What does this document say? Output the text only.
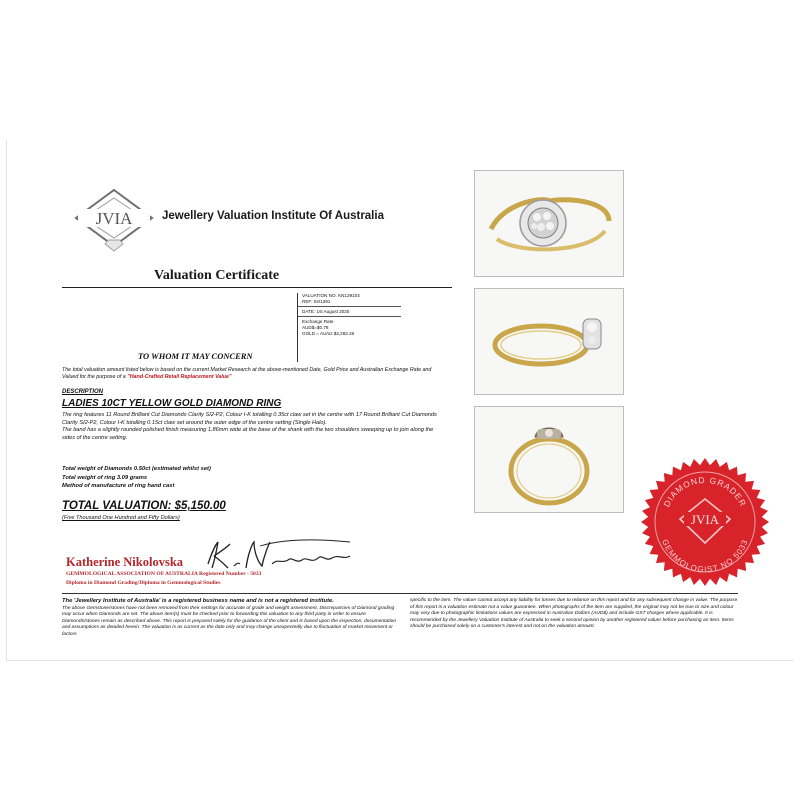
JVIA	Jewellery Valuation Institute Of Australia
Valuation Certificate
VALUATION NO. KN139104
REF: 04/1391
DATE: 1st August 2025
Exchange Rate
AUD$=$0.78
GOLD = AU/oz $2,282.26
TO WHOM IT MAY CONCERN
The total valuation amount listed below is based on the current Market Research at the above-mentioned Date, Gold Price and Australian Exchange Rate and Valued for the purpose of a "Hand-Crafted Retail Replacement Value"
DESCRIPTION
LADIES 10CT YELLOW GOLD DIAMOND RING

The ring features 11 Round Brilliant Cut Diamonds Clarity SI2-P2, Colour I-K totalling 0.35ct claw set in the centre with 17 Round Brilliant Cut Diamonds Clarity SI2-P2, Colour I-K totalling 0.15ct claw set around the outer edge of the centre setting (Single Halo).

The band has a slightly rounded polished finish measuring 1.86mm wide at the base of the shank with the two shoulders sweeping up to join along the sides of the centre setting.

Total weight of Diamonds 0.50ct (estimated whilst set)
Total weight of ring 3.09 grams
Method of manufacture of ring hand cast
TOTAL VALUATION: $5,150.00
(Five Thousand One Hundred and Fifty Dollars)
Katherine Nikolovska
GEMMOLOGICAL ASSOCIATION OF AUSTRALIA Registered Number - 5033
Diploma in Diamond Grading/Diploma in Gemmological Studies

The 'Jewellery Institute of Australia' is a registered business name and is not a registered institute.

The above Gemstone/stones have not been removed from their settings for accurate of grade and weight assessment. Discrepancies of Diamond grading may occur when Diamonds are set. The above item(s) must be checked prior to forwarding this valuation to any third party in order to ensure Diamonds/stones remain as described above. This report is prepared solely for the guidance of the client and is based upon the inspection, documentation and assumptions as detailed herein. The valuation is as current as the date only and may change unexpectedly due to fluctuation of market movement or factors

specific to the item. The valuer cannot accept any liability for losses due to reliance on this report and for any subsequent change in value. The purpose of this report is a valuation estimate not a value guarantee. When photographs of the item are supplied, the original may not be true to size and colour may vary due to photographic limitations values are expressed in Australian Dollars (AUD$) and include GST charges where applicable. It is recommended by the Jewellery Valuation Institute of Australia to seek a second opinion by another registered valuer before purchasing an item. Items should be purchased solely on a customer's interest and not on the valuation amount.

DIAMOND GRADER
GEMMOLOGIST NO 5033
JVIA
